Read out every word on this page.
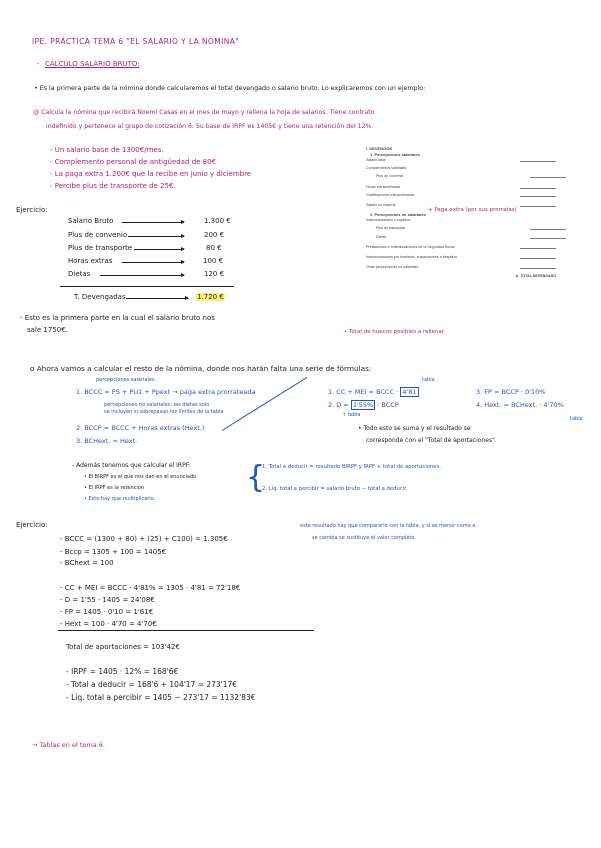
IPE. PRÁCTICA TEMA 6 "EL SALARIO Y LA NÓMINA"
- CÁLCULO SALARIO BRUTO:
• Es la primera parte de la nómina donde calcularemos el total devengado o salario bruto. Lo explicaremos con un ejemplo:
@ Calcula la nómina que recibirá Noemí Casas en el mes de mayo y rellena la hoja de salarios. Tiene contrato
indefinido y pertenece al grupo de cotización 6. Su base de IRPF es 1405€ y tiene una retención del 12%.
- Un salario base de 1300€/mes.
- Complemento personal de antigüedad de 80€
- La paga extra 1.200€ que la recibe en junio y diciembre
- Percibe plus de transporte de 25€.
I. DEVENGOS
1. Percepciones salariales
Salario base
Complementos salariales
Plus de convenio
Horas extraordinarias
Gratificaciones extraordinarias
Salario en especie
2. Percepciones no salariales
Indemnizaciones o suplidos
Plus de transporte
Dietas
Prestaciones e indemnizaciones de la Seguridad Social
Indemnizaciones por traslados, suspensiones o despidos
Otras percepciones no salariales
A. TOTAL DEVENGADO
+ Paga extra (por sus prorratas)
• Total de huecos posibles a rellenar.
Ejercicio:
Salario Bruto	1.300 €
Plus de convenio	200 €
Plus de transporte	80 €
Horas extras	100 €
Dietas	120 €
T. Devengadas	1.720 €
- Esto es la primera parte en la cual el salario bruto nos
sale 1750€.
o Ahora vamos a calcular el resto de la nómina, donde nos harán falta una serie de fórmulas:
percepciones salariales
1. BCCC = PS + PU1 + Ppext → paga extra prorrateada
percepciones no salariales: las dietas solo
se incluyen si sobrepasan los límites de la tabla
2. BCCP = BCCC + Horas extras (Hext.)
3. BCHext. = Hext.
tabla
1. CC + MEI = BCCC · 4'81
2. D = 1'55% · BCCP
↑ tabla
3. FP = BCCP · 0'10%
4. Hext. = BCHext. · 4'70%
tabla
• Todo esto se suma y el resultado se
corresponde con el "Total de aportaciones".
- Además tenemos que calcular el IRPF:
• El BIRPF es el que nos dan en el enunciado
• El IRPF es la retención
• Esto hay que multiplicarlo.
{
1. Total a deducir = resultado BIRPF y IRPF + total de aportaciones.
2. Líq. total a percibir = salario bruto − total a deducir.
Ejercicio:	este resultado hay que compararlo con la tabla, y si es menor como a
se cambia se sustituye el valor completo.
- BCCC = (1300 + 80) + (25) + C100) = 1.305€
- Bccp = 1305 + 100 = 1405€
- BChext = 100
- CC + MEI = BCCC · 4'81% = 1305 · 4'81 = 72'18€
- D = 1'55 · 1405 = 24'08€
- FP = 1405 · 0'10 = 1'61€
- Hext = 100 · 4'70 = 4'70€
Total de aportaciones = 103'42€
- IRPF = 1405 · 12% = 168'6€
- Total a deducir = 168'6 + 104'17 = 273'17€
- Líq. total a percibir = 1405 − 273'17 = 1132'83€
→ Tablas en el tema 6.
